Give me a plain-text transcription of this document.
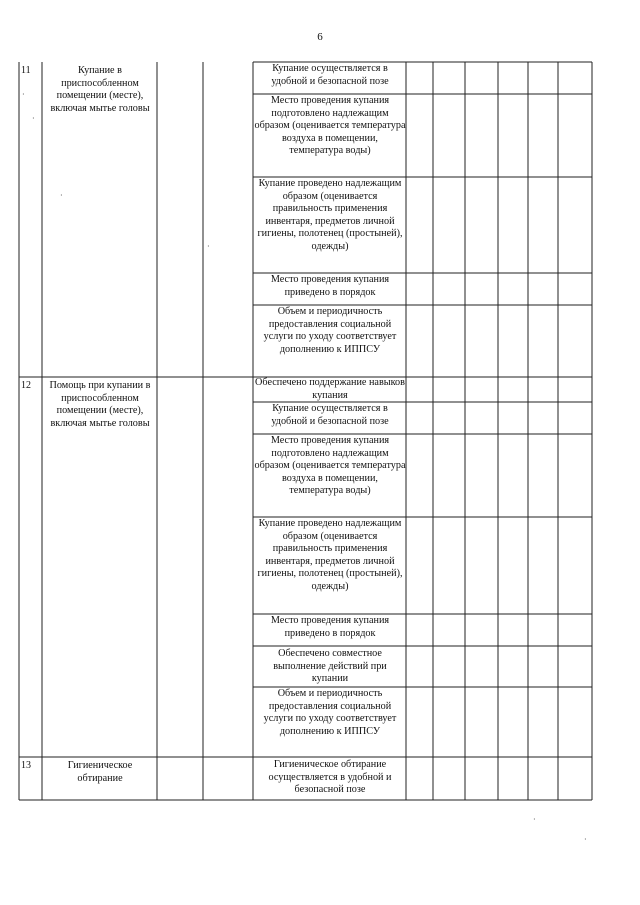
6
11	Купание в приспособленном помещении (месте), включая мытье головы
Купание осуществляется в удобной и безопасной позе
Место проведения купания подготовлено надлежащим образом (оценивается температура воздуха в помещении, температура воды)
Купание проведено надлежащим образом (оценивается правильность применения инвентаря, предметов личной гигиены, полотенец (простыней), одежды)
Место проведения купания приведено в порядок
Объем и периодичность предоставления социальной услуги по уходу соответствует дополнению к ИППСУ
12	Помощь при купании в приспособленном помещении (месте), включая мытье головы
Обеспечено поддержание навыков купания
Купание осуществляется в удобной и безопасной позе
Место проведения купания подготовлено надлежащим образом (оценивается температура воздуха в помещении, температура воды)
Купание проведено надлежащим образом (оценивается правильность применения инвентаря, предметов личной гигиены, полотенец (простыней), одежды)
Место проведения купания приведено в порядок
Обеспечено совместное выполнение действий при купании
Объем и периодичность предоставления социальной услуги по уходу соответствует дополнению к ИППСУ
13	Гигиеническое обтирание
Гигиеническое обтирание осуществляется в удобной и безопасной позе
·
·
·
·
·
·
